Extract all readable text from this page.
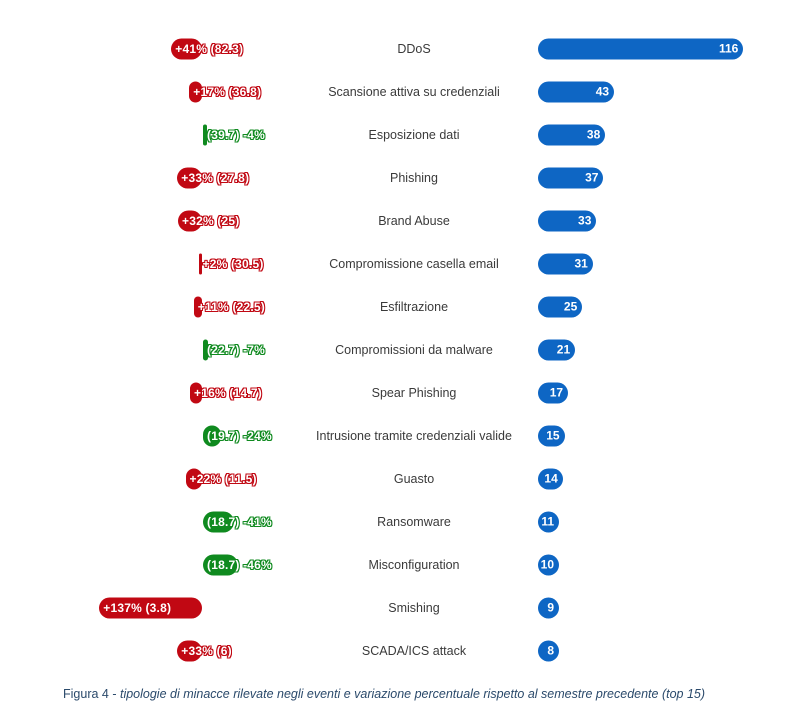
+41% (82.3)	DDoS	116
+17% (36.8)	Scansione attiva su credenziali	43
(39.7) -4%	Esposizione dati	38
+33% (27.8)	Phishing	37
+32% (25)	Brand Abuse	33
+2% (30.5)	Compromissione casella email	31
+11% (22.5)	Esfiltrazione	25
(22.7) -7%	Compromissioni da malware	21
+16% (14.7)	Spear Phishing	17
(19.7) -24%	Intrusione tramite credenziali valide	15
+22% (11.5)	Guasto	14
(18.7) -41%	Ransomware	11
(18.7) -46%	Misconfiguration	10
+137% (3.8)	Smishing	9
+33% (6)	SCADA/ICS attack	8
Figura 4 - tipologie di minacce rilevate negli eventi e variazione percentuale rispetto al semestre precedente (top 15)
